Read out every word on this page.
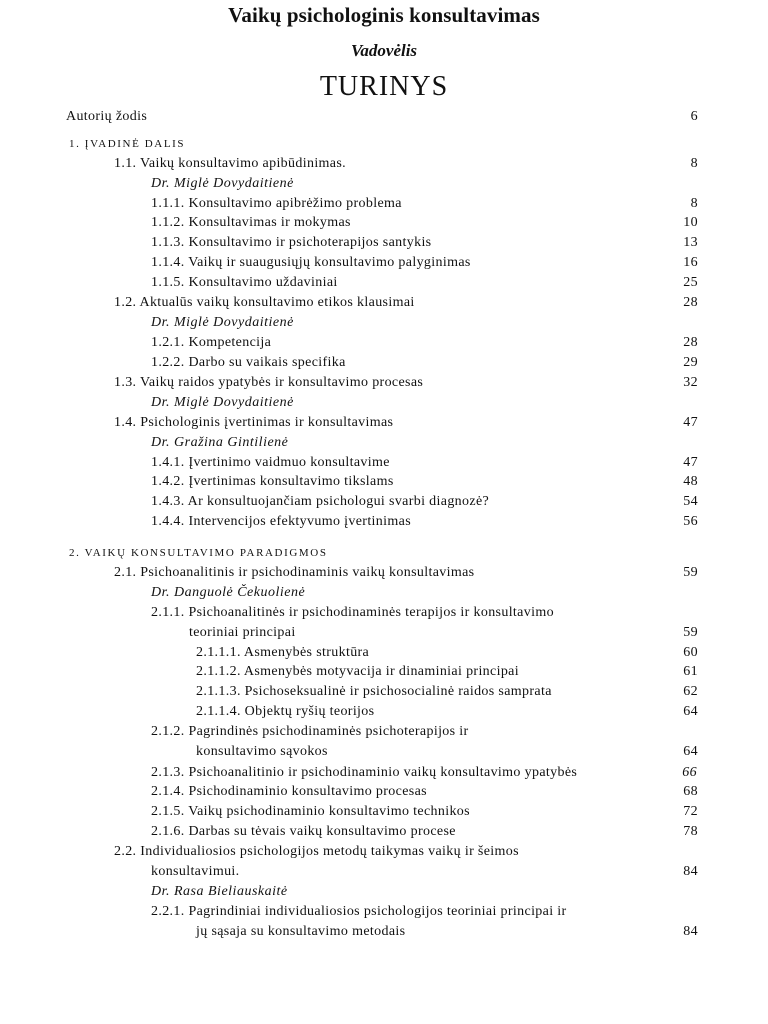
Vaikų psichologinis konsultavimas
Vadovėlis
TURINYS
Autorių žodis	6
1. ĮVADINĖ DALIS
1.1. Vaikų konsultavimo apibūdinimas.	8
Dr. Miglė Dovydaitienė
1.1.1. Konsultavimo apibrėžimo problema	8
1.1.2. Konsultavimas ir mokymas	10
1.1.3. Konsultavimo ir psichoterapijos santykis	13
1.1.4. Vaikų ir suaugusiųjų konsultavimo palyginimas	16
1.1.5. Konsultavimo uždaviniai	25
1.2. Aktualūs vaikų konsultavimo etikos klausimai	28
Dr. Miglė Dovydaitienė
1.2.1. Kompetencija	28
1.2.2. Darbo su vaikais specifika	29
1.3. Vaikų raidos ypatybės ir konsultavimo procesas	32
Dr. Miglė Dovydaitienė
1.4. Psichologinis įvertinimas ir konsultavimas	47
Dr. Gražina Gintilienė
1.4.1. Įvertinimo vaidmuo konsultavime	47
1.4.2. Įvertinimas konsultavimo tikslams	48
1.4.3. Ar konsultuojančiam psichologui svarbi diagnozė?	54
1.4.4. Intervencijos efektyvumo įvertinimas	56
2. VAIKŲ KONSULTAVIMO PARADIGMOS
2.1. Psichoanalitinis ir psichodinaminis vaikų konsultavimas	59
Dr. Danguolė Čekuolienė
2.1.1. Psichoanalitinės ir psichodinaminės terapijos ir konsultavimo
teoriniai principai	59
2.1.1.1. Asmenybės struktūra	60
2.1.1.2. Asmenybės motyvacija ir dinaminiai principai	61
2.1.1.3. Psichoseksualinė ir psichosocialinė raidos samprata	62
2.1.1.4. Objektų ryšių teorijos	64
2.1.2. Pagrindinės psichodinaminės psichoterapijos ir
konsultavimo sąvokos	64
2.1.3. Psichoanalitinio ir psichodinaminio vaikų konsultavimo ypatybės	66
2.1.4. Psichodinaminio konsultavimo procesas	68
2.1.5. Vaikų psichodinaminio konsultavimo technikos	72
2.1.6. Darbas su tėvais vaikų konsultavimo procese	78
2.2. Individualiosios psichologijos metodų taikymas vaikų ir šeimos
konsultavimui.	84
Dr. Rasa Bieliauskaitė
2.2.1. Pagrindiniai individualiosios psichologijos teoriniai principai ir
jų sąsaja su konsultavimo metodais	84
